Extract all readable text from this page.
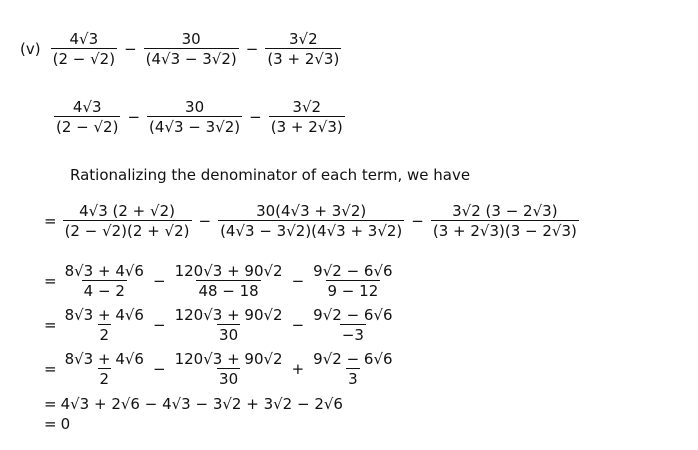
$(v) \frac{4√3}{(2 - √2)} - \frac{30}{(4√3 - 3√2)} - \frac{3√2}{(3 + 2√3)}$
$\frac{4√3}{(2 - √2)} - \frac{30}{(4√3 - 3√2)} - \frac{3√2}{(3 + 2√3)}$
Rationalizing the denominator of each term, we have
= $\frac{4√3 (2 + √2)}{(2 - √2)(2 + √2)} - \frac{30(4√3 + 3√2)}{(4√3 - 3√2)(4√3 + 3√2)} - \frac{3√2 (3 - 2√3)}{(3 + 2√3)(3 - 2√3)}$
= $\frac{8√3 + 4√6}{4 - 2} - \frac{120√3 + 90√2}{48 - 18} - \frac{9√2 - 6√6}{9 - 12}$
= $\frac{8√3 + 4√6}{2} - \frac{120√3 + 90√2}{30} - \frac{9√2 - 6√6}{-3}$
= $\frac{8√3 + 4√6}{2} - \frac{120√3 + 90√2}{30} + \frac{9√2 - 6√6}{3}$
= 4√3 + 2√6 − 4√3 − 3√2 + 3√2 − 2√6
= 0
